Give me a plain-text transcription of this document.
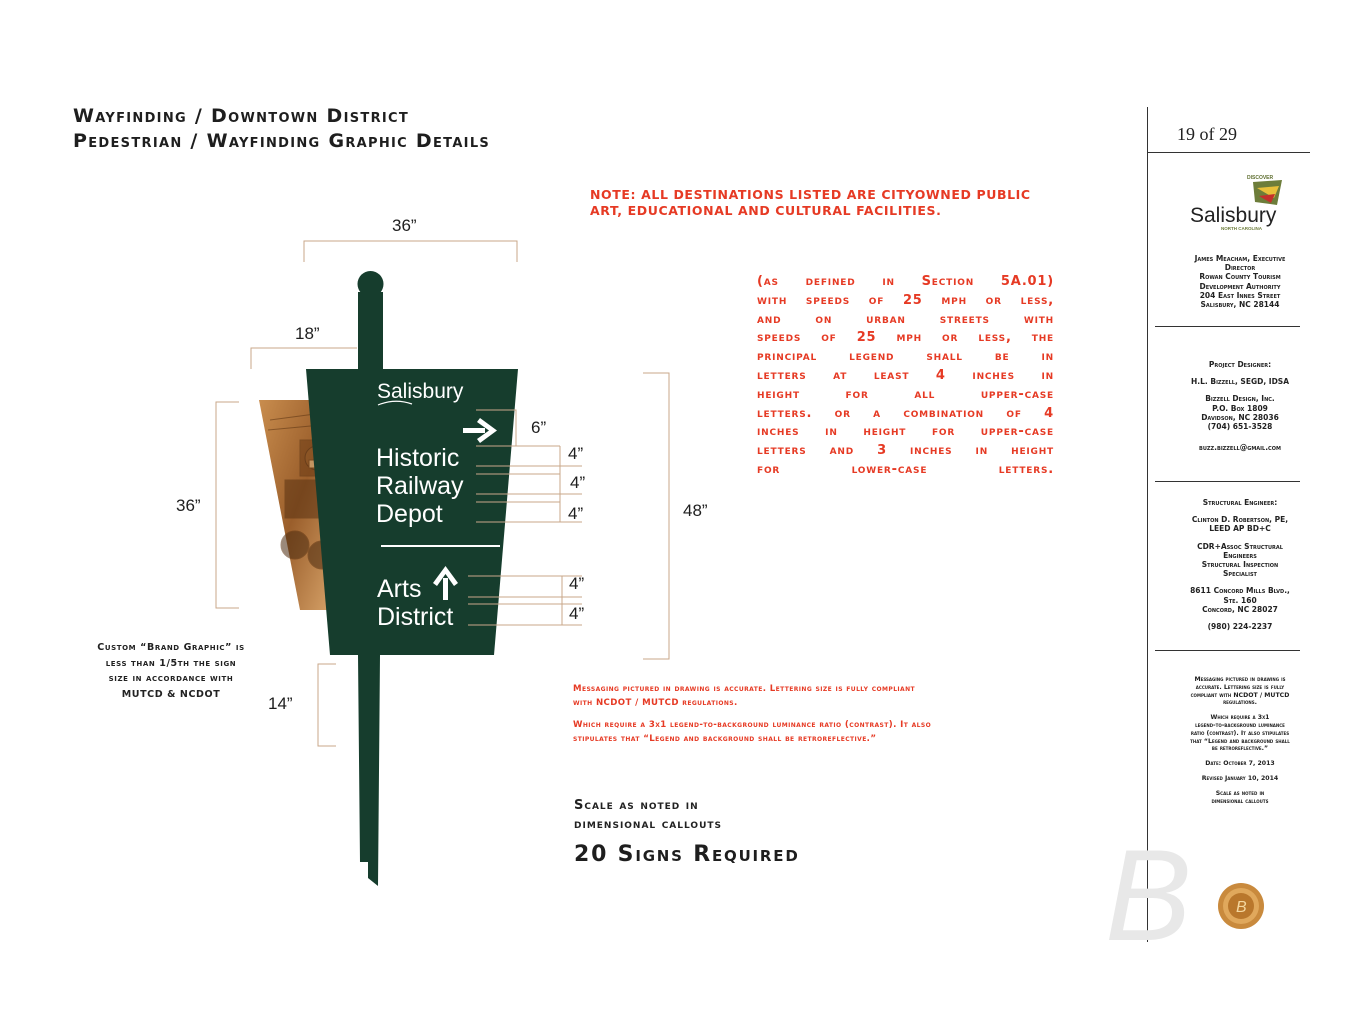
Wayfinding / Downtown District
Pedestrian / Wayfinding Graphic Details
NOTE: ALL DESTINATIONS LISTED ARE CITYOWNED PUBLIC
ART, EDUCATIONAL AND CULTURAL FACILITIES.
(as defined in Section 5A.01)
with speeds of 25 mph or less,
and on urban streets with
speeds of 25 mph or less, the
principal legend shall be in
letters at least 4 inches in
height for all upper-case
letters. or a combination of 4
inches in height for upper-case
letters and 3 inches in height
for lower-case letters.
Messaging pictured in drawing is accurate. Lettering size is fully compliant
with NCDOT / MUTCD regulations.
Which require a 3x1 legend-to-background luminance ratio (contrast). It also
stipulates that “Legend and background shall be retroreflective.”
Scale as noted in
dimensional callouts
20 Signs Required
Custom “Brand Graphic” is
less than 1/5th the sign
size in accordance with
MUTCD & NCDOT
Salisbury
Historic
Railway
Depot
Arts
District
36”
18”
36”	48”
6”
4”
4”
4”
4”
4”
14”
19 of 29
DISCOVER
Salisbury
NORTH CAROLINA
James Meacham, Executive
Director
Rowan County Tourism
Development Authority
204 East Innes Street
Salisbury, NC 28144
Project Designer:
H.L. Bizzell, SEGD, IDSA
Bizzell Design, Inc.
P.O. Box 1809
Davidson, NC 28036
(704) 651-3528
buzz.bizzell@gmail.com
Structural Engineer:
Clinton D. Robertson, PE,
LEED AP BD+C
CDR+Assoc Structural
Engineers
Structural Inspection
Specialist
8611 Concord Mills Blvd.,
Ste. 160
Concord, NC 28027
(980) 224-2237
Messaging pictured in drawing is
accurate. Lettering size is fully
compliant with NCDOT / MUTCD
regulations.
Which require a 3x1
legend-to-background luminance
ratio (contrast). It also stipulates
that “Legend and background shall
be retroreflective.”
Date: October 7, 2013
Revised January 10, 2014
Scale as noted in
dimensional callouts
B	B
